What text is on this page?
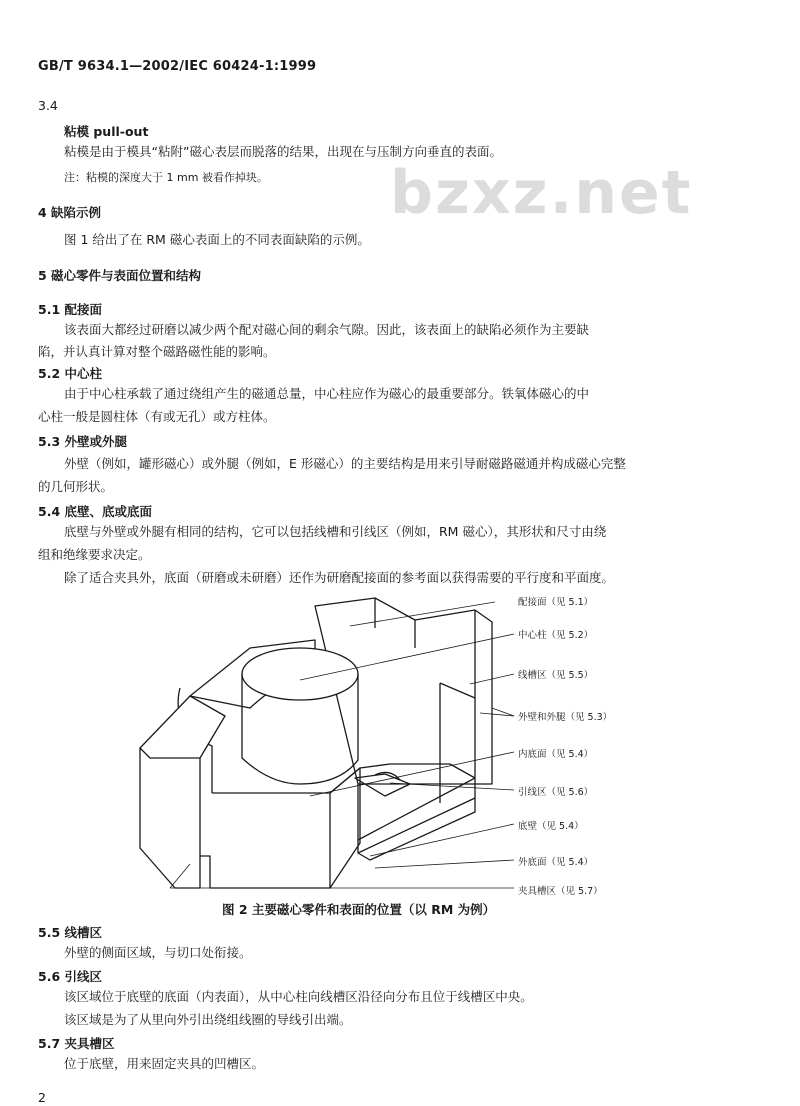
bzxz.net
GB/T 9634.1—2002/IEC 60424-1:1999
3.4
粘模 pull-out
粘模是由于模具“粘附”磁心表层而脱落的结果，出现在与压制方向垂直的表面。
注：粘模的深度大于 1 mm 被看作掉块。
4 缺陷示例
图 1 给出了在 RM 磁心表面上的不同表面缺陷的示例。
5 磁心零件与表面位置和结构
5.1 配接面
该表面大都经过研磨以减少两个配对磁心间的剩余气隙。因此，该表面上的缺陷必须作为主要缺
陷，并认真计算对整个磁路磁性能的影响。
5.2 中心柱
由于中心柱承载了通过绕组产生的磁通总量，中心柱应作为磁心的最重要部分。铁氧体磁心的中
心柱一般是圆柱体（有或无孔）或方柱体。
5.3 外壁或外腿
外壁（例如，罐形磁心）或外腿（例如，E 形磁心）的主要结构是用来引导耐磁路磁通并构成磁心完整
的几何形状。
5.4 底壁、底或底面
底壁与外壁或外腿有相同的结构，它可以包括线槽和引线区（例如，RM 磁心），其形状和尺寸由绕
组和绝缘要求决定。
除了适合夹具外，底面（研磨或未研磨）还作为研磨配接面的参考面以获得需要的平行度和平面度。
配接面（见 5.1）
中心柱（见 5.2）
线槽区（见 5.5）
外壁和外腿（见 5.3）
内底面（见 5.4）
引线区（见 5.6）
底壁（见 5.4）
外底面（见 5.4）
夹具槽区（见 5.7）
图 2 主要磁心零件和表面的位置（以 RM 为例）
5.5 线槽区
外壁的侧面区域，与切口处衔接。
5.6 引线区
该区域位于底壁的底面（内表面），从中心柱向线槽区沿径向分布且位于线槽区中央。
该区域是为了从里向外引出绕组线圈的导线引出端。
5.7 夹具槽区
位于底壁，用来固定夹具的凹槽区。
2
